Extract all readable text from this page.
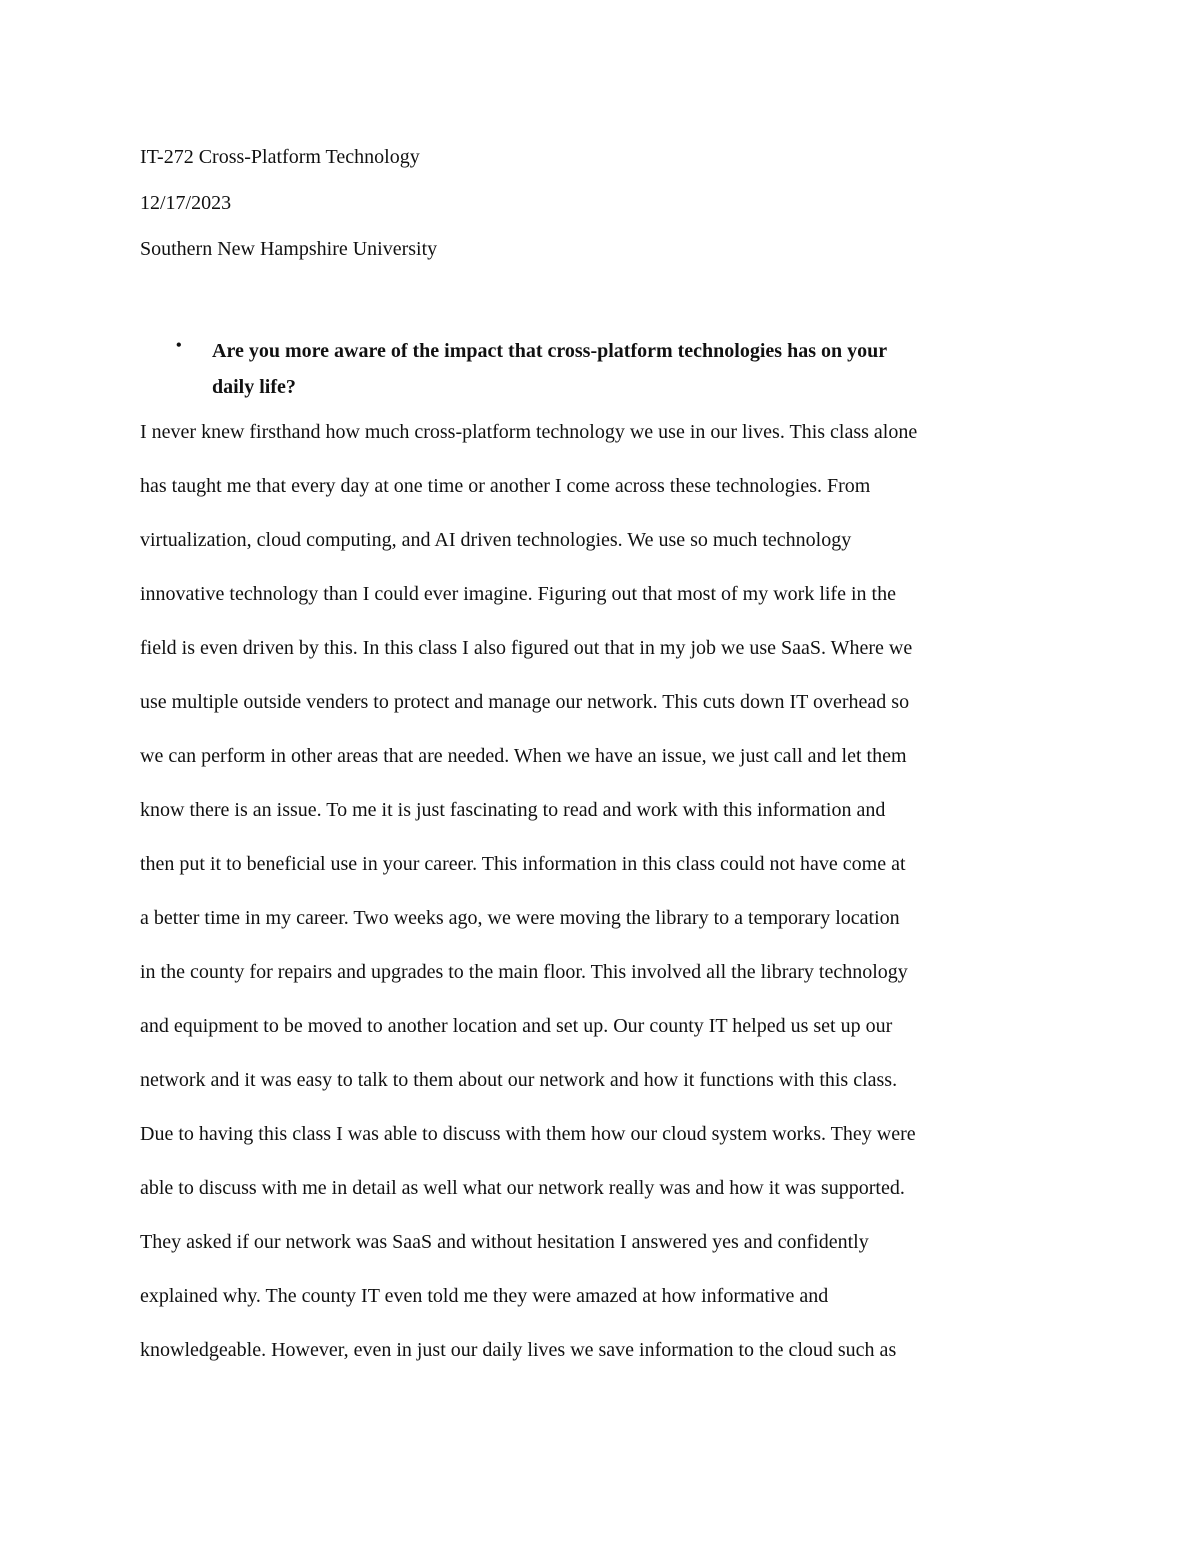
IT-272 Cross-Platform Technology
12/17/2023
Southern New Hampshire University
• Are you more aware of the impact that cross-platform technologies has on your
daily life?
I never knew firsthand how much cross-platform technology we use in our lives. This class alone
has taught me that every day at one time or another I come across these technologies. From
virtualization, cloud computing, and AI driven technologies. We use so much technology
innovative technology than I could ever imagine. Figuring out that most of my work life in the
field is even driven by this. In this class I also figured out that in my job we use SaaS. Where we
use multiple outside venders to protect and manage our network. This cuts down IT overhead so
we can perform in other areas that are needed. When we have an issue, we just call and let them
know there is an issue. To me it is just fascinating to read and work with this information and
then put it to beneficial use in your career. This information in this class could not have come at
a better time in my career. Two weeks ago, we were moving the library to a temporary location
in the county for repairs and upgrades to the main floor. This involved all the library technology
and equipment to be moved to another location and set up. Our county IT helped us set up our
network and it was easy to talk to them about our network and how it functions with this class.
Due to having this class I was able to discuss with them how our cloud system works. They were
able to discuss with me in detail as well what our network really was and how it was supported.
They asked if our network was SaaS and without hesitation I answered yes and confidently
explained why. The county IT even told me they were amazed at how informative and
knowledgeable. However, even in just our daily lives we save information to the cloud such as
